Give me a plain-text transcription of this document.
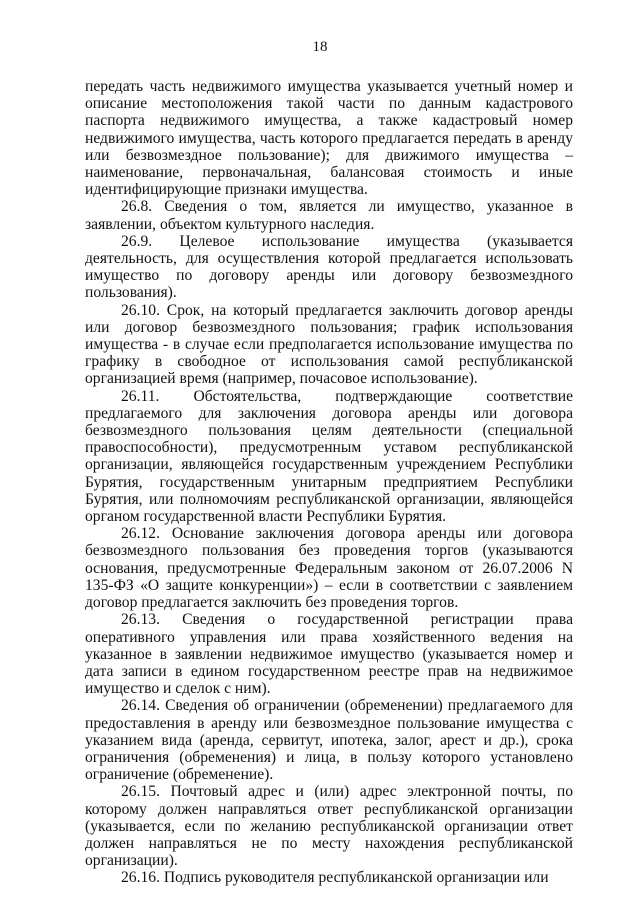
18

передать часть недвижимого имущества указывается учетный номер и описание местоположения такой части по данным кадастрового паспорта недвижимого имущества, а также кадастровый номер недвижимого имущества, часть которого предлагается передать в аренду или безвозмездное пользование); для движимого имущества – наименование, первоначальная, балансовая стоимость и иные идентифицирующие признаки имущества.

26.8. Сведения о том, является ли имущество, указанное в заявлении, объектом культурного наследия.

26.9. Целевое использование имущества (указывается деятельность, для осуществления которой предлагается использовать имущество по договору аренды или договору безвозмездного пользования).

26.10. Срок, на который предлагается заключить договор аренды или договор безвозмездного пользования; график использования имущества - в случае если предполагается использование имущества по графику в свободное от использования самой республиканской организацией время (например, почасовое использование).

26.11. Обстоятельства, подтверждающие соответствие предлагаемого для заключения договора аренды или договора безвозмездного пользования целям деятельности (специальной правоспособности), предусмотренным уставом республиканской организации, являющейся государственным учреждением Республики Бурятия, государственным унитарным предприятием Республики Бурятия, или полномочиям республиканской организации, являющейся органом государственной власти Республики Бурятия.

26.12. Основание заключения договора аренды или договора безвозмездного пользования без проведения торгов (указываются основания, предусмотренные Федеральным законом от 26.07.2006 N 135-ФЗ «О защите конкуренции») – если в соответствии с заявлением договор предлагается заключить без проведения торгов.

26.13. Сведения о государственной регистрации права оперативного управления или права хозяйственного ведения на указанное в заявлении недвижимое имущество (указывается номер и дата записи в едином государственном реестре прав на недвижимое имущество и сделок с ним).

26.14. Сведения об ограничении (обременении) предлагаемого для предоставления в аренду или безвозмездное пользование имущества с указанием вида (аренда, сервитут, ипотека, залог, арест и др.), срока ограничения (обременения) и лица, в пользу которого установлено ограничение (обременение).

26.15. Почтовый адрес и (или) адрес электронной почты, по которому должен направляться ответ республиканской организации (указывается, если по желанию республиканской организации ответ должен направляться не по месту нахождения республиканской организации).

26.16. Подпись руководителя республиканской организации или
